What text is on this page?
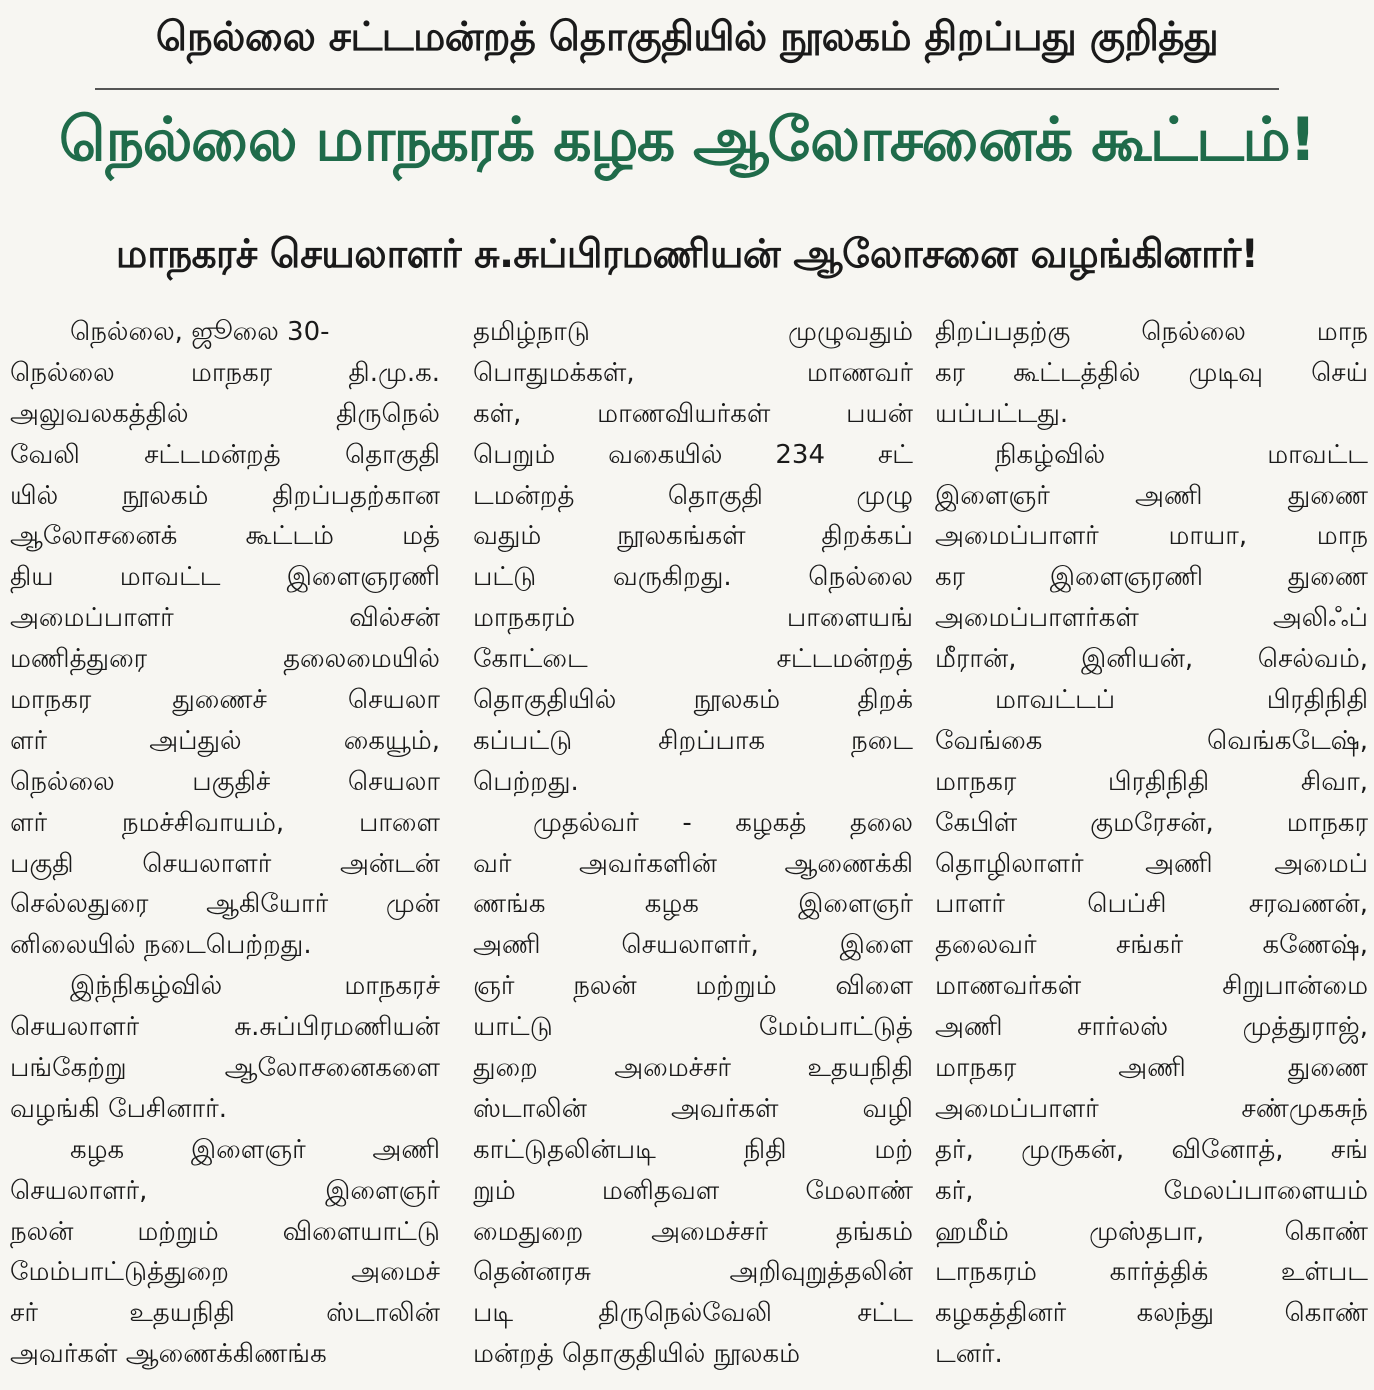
நெல்லை சட்டமன்றத் தொகுதியில் நூலகம் திறப்பது குறித்து
நெல்லை மாநகரக் கழக ஆலோசனைக் கூட்டம்!
மாநகரச் செயலாளர் சு.சுப்பிரமணியன் ஆலோசனை வழங்கினார்!
நெல்லை, ஜூலை 30-
நெல்லை மாநகர தி.மு.க.
அலுவலகத்தில் திருநெல்
வேலி சட்டமன்றத் தொகுதி
யில் நூலகம் திறப்பதற்கான
ஆலோசனைக் கூட்டம் மத்
திய மாவட்ட இளைஞரணி
அமைப்பாளர் வில்சன்
மணித்துரை தலைமையில்
மாநகர துணைச் செயலா
ளர் அப்துல் கையூம்,
நெல்லை பகுதிச் செயலா
ளர் நமச்சிவாயம், பாளை
பகுதி செயலாளர் அன்டன்
செல்லதுரை ஆகியோர் முன்
னிலையில் நடைபெற்றது.
இந்நிகழ்வில் மாநகரச்
செயலாளர் சு.சுப்பிரமணியன்
பங்கேற்று ஆலோசனைகளை
வழங்கி பேசினார்.
கழக இளைஞர் அணி
செயலாளர், இளைஞர்
நலன் மற்றும் விளையாட்டு
மேம்பாட்டுத்துறை அமைச்
சர் உதயநிதி ஸ்டாலின்
அவர்கள் ஆணைக்கிணங்க
தமிழ்நாடு முழுவதும்
பொதுமக்கள், மாணவர்
கள், மாணவியர்கள் பயன்
பெறும் வகையில் 234 சட்
டமன்றத் தொகுதி முழு
வதும் நூலகங்கள் திறக்கப்
பட்டு வருகிறது. நெல்லை
மாநகரம் பாளையங்
கோட்டை சட்டமன்றத்
தொகுதியில் நூலகம் திறக்
கப்பட்டு சிறப்பாக நடை
பெற்றது.
முதல்வர் - கழகத் தலை
வர் அவர்களின் ஆணைக்கி
ணங்க கழக இளைஞர்
அணி செயலாளர், இளை
ஞர் நலன் மற்றும் விளை
யாட்டு மேம்பாட்டுத்
துறை அமைச்சர் உதயநிதி
ஸ்டாலின் அவர்கள் வழி
காட்டுதலின்படி நிதி மற்
றும் மனிதவள மேலாண்
மைதுறை அமைச்சர் தங்கம்
தென்னரசு அறிவுறுத்தலின்
படி திருநெல்வேலி சட்ட
மன்றத் தொகுதியில் நூலகம்
திறப்பதற்கு நெல்லை மாந
கர கூட்டத்தில் முடிவு செய்
யப்பட்டது.
நிகழ்வில் மாவட்ட
இளைஞர் அணி துணை
அமைப்பாளர் மாயா, மாந
கர இளைஞரணி துணை
அமைப்பாளர்கள் அலிஃப்
மீரான், இனியன், செல்வம்,
மாவட்டப் பிரதிநிதி
வேங்கை வெங்கடேஷ்,
மாநகர பிரதிநிதி சிவா,
கேபிள் குமரேசன், மாநகர
தொழிலாளர் அணி அமைப்
பாளர் பெப்சி சரவணன்,
தலைவர் சங்கர் கணேஷ்,
மாணவர்கள் சிறுபான்மை
அணி சார்லஸ் முத்துராஜ்,
மாநகர அணி துணை
அமைப்பாளர் சண்முகசுந்
தர், முருகன், வினோத், சங்
கர், மேலப்பாளையம்
ஹமீம் முஸ்தபா, கொண்
டாநகரம் கார்த்திக் உள்பட
கழகத்தினர் கலந்து கொண்
டனர்.
